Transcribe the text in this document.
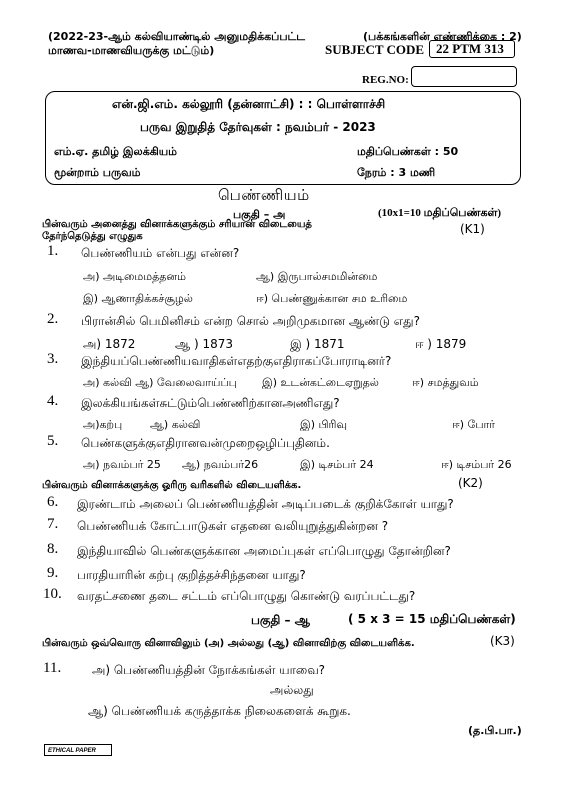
(2022-23-ஆம் கல்வியாண்டில் அனுமதிக்கப்பட்ட
மாணவ-மாணவியருக்கு மட்டும்)
(பக்கங்களின் எண்ணிக்கை : 2)
SUBJECT CODE 22 PTM 313
REG.NO:
என்.ஜி.எம். கல்லூரி (தன்னாட்சி) : : பொள்ளாச்சி
பருவ இறுதித் தேர்வுகள் : நவம்பர் - 2023
எம்.ஏ. தமிழ் இலக்கியம்	மதிப்பெண்கள் : 50
மூன்றாம் பருவம்	நேரம் : 3 மணி
பெண்ணியம்
பகுதி – அ	(10x1=10 மதிப்பெண்கள்)
பின்வரும் அனைத்து வினாக்களுக்கும் சரியான விடையைத்
தேர்ந்தெடுத்து எழுதுக
(K1)
1. பெண்ணியம் என்பது என்ன?
அ) அடிமைமத்தனம்	ஆ) இருபால்சமமின்மை
இ) ஆணாதிக்கச்சூழல்	ஈ) பெண்ணுக்கான சம உரிமை
2. பிரான்சில் பெமினிசம் என்ற சொல் அறிமுகமான ஆண்டு எது?
அ) 1872	ஆ ) 1873	இ ) 1871	ஈ ) 1879
3. இந்தியப்பெண்ணியவாதிகள்எதற்குஎதிராகப்போராடினர்?
அ) கல்வி ஆ) வேலைவாய்ப்பு இ) உடன்கட்டைஏறுதல்	ஈ) சமத்துவம்
4. இலக்கியங்கள்சுட்டும்பெண்ணிற்கானஅணிஎது?
அ)கற்பு	ஆ) கல்வி	இ) பிரிவு	ஈ) போர்
5. பெண்களுக்குஎதிரானவன்முறைஒழிப்புதினம்.
அ) நவம்பர் 25 ஆ) நவம்பர்26	இ) டிசம்பர் 24	ஈ) டிசம்பர் 26
பின்வரும் வினாக்களுக்கு ஓரிரு வரிகளில் விடையளிக்க.	(K2)
6. இரண்டாம் அலைப் பெண்ணியத்தின் அடிப்படைக் குறிக்கோள் யாது?
7. பெண்ணியக் கோட்பாடுகள் எதனை வலியுறுத்துகின்றன ?
8. இந்தியாவில் பெண்களுக்கான அமைப்புகள் எப்பொழுது தோன்றின?
9. பாரதியாரின் கற்பு குறித்தச்சிந்தனை யாது?
10. வரதட்சணை தடை சட்டம் எப்பொழுது கொண்டு வரப்பட்டது?
பகுதி – ஆ	( 5 x 3 = 15 மதிப்பெண்கள்)
பின்வரும் ஒவ்வொரு வினாவிலும் (அ) அல்லது (ஆ) வினாவிற்கு விடையளிக்க.	(K3)
11.	அ) பெண்ணியத்தின் நோக்கங்கள் யாவை?
அல்லது
ஆ) பெண்ணியக் கருத்தாக்க நிலைகளைக் கூறுக.
(த.பி.பா.)
ETHICAL PAPER
